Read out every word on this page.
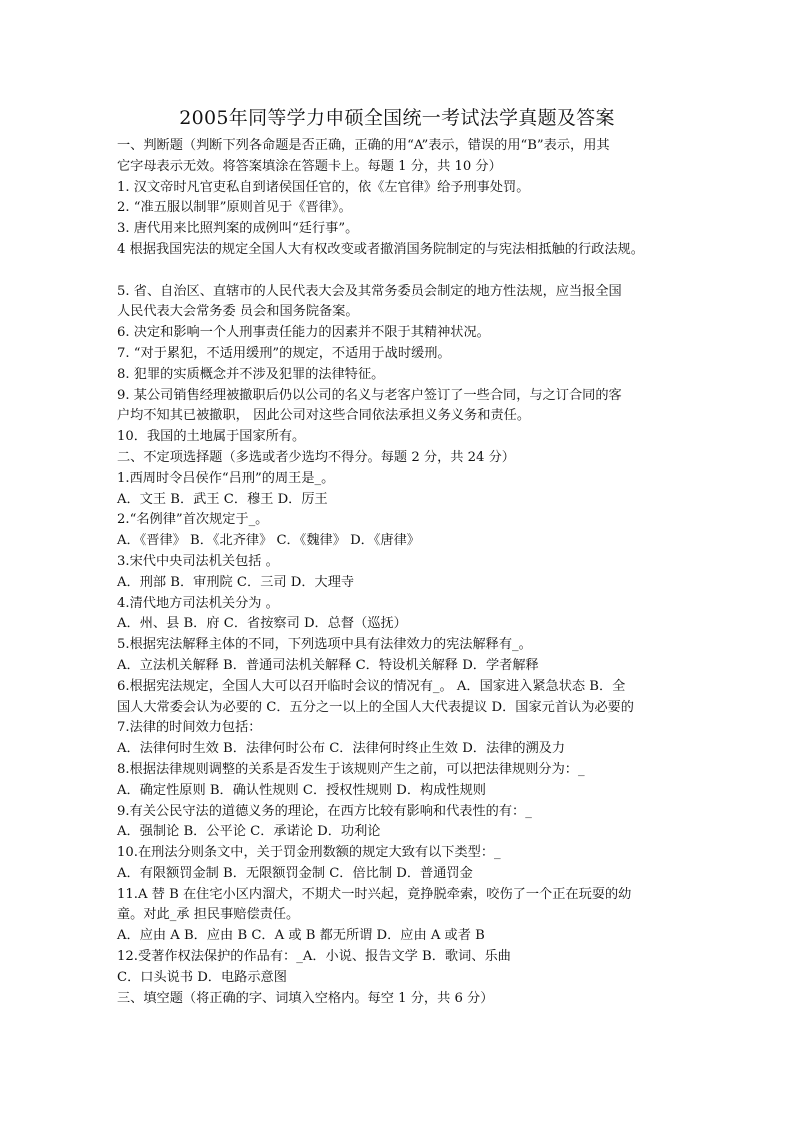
2005年同等学力申硕全国统一考试法学真题及答案
一、判断题（判断下列各命题是否正确，正确的用“A”表示，错误的用“B”表示，用其
它字母表示无效。将答案填涂在答题卡上。每题 1 分，共 10 分）
1. 汉文帝时凡官吏私自到诸侯国任官的，依《左官律》给予刑事处罚。
2. “准五服以制罪”原则首见于《晋律》。
3. 唐代用来比照判案的成例叫“廷行事”。
4 根据我国宪法的规定全国人大有权改变或者撤消国务院制定的与宪法相抵触的行政法规。
5. 省、自治区、直辖市的人民代表大会及其常务委员会制定的地方性法规，应当报全国
人民代表大会常务委 员会和国务院备案。
6. 决定和影响一个人刑事责任能力的因素并不限于其精神状况。
7. “对于累犯，不适用缓刑”的规定，不适用于战时缓刑。
8. 犯罪的实质概念并不涉及犯罪的法律特征。
9. 某公司销售经理被撤职后仍以公司的名义与老客户签订了一些合同，与之订合同的客
户均不知其已被撤职， 因此公司对这些合同依法承担义务义务和责任。
10．我国的土地属于国家所有。
二、不定项选择题（多选或者少选均不得分。每题 2 分，共 24 分）
1.西周时令吕侯作“吕刑”的周王是_。
A．文王 B．武王 C．穆王 D．厉王
2.“名例律”首次规定于_。
A．《晋律》 B．《北齐律》 C．《魏律》 D．《唐律》
3.宋代中央司法机关包括 。
A．刑部 B．审刑院 C．三司 D．大理寺
4.清代地方司法机关分为 。
A．州、县 B．府 C．省按察司 D．总督（巡抚）
5.根据宪法解释主体的不同，下列选项中具有法律效力的宪法解释有_。
A．立法机关解释 B．普通司法机关解释 C．特设机关解释 D．学者解释
6.根据宪法规定，全国人大可以召开临时会议的情况有_。 A．国家进入紧急状态 B．全
国人大常委会认为必要的 C．五分之一以上的全国人大代表提议 D．国家元首认为必要的
7.法律的时间效力包括：
A．法律何时生效 B．法律何时公布 C．法律何时终止生效 D．法律的溯及力
8.根据法律规则调整的关系是否发生于该规则产生之前，可以把法律规则分为：_
A．确定性原则 B．确认性规则 C．授权性规则 D．构成性规则
9.有关公民守法的道德义务的理论，在西方比较有影响和代表性的有：_
A．强制论 B．公平论 C．承诺论 D．功利论
10.在刑法分则条文中，关于罚金刑数额的规定大致有以下类型：_
A．有限额罚金制 B．无限额罚金制 C．倍比制 D．普通罚金
11.A 替 B 在住宅小区内溜犬，不期犬一时兴起，竟挣脱牵索，咬伤了一个正在玩耍的幼
童。对此_承 担民事赔偿责任。
A．应由 A B．应由 B C．A 或 B 都无所谓 D．应由 A 或者 B
12.受著作权法保护的作品有：_A．小说、报告文学 B．歌词、乐曲
C．口头说书 D．电路示意图
三、填空题（将正确的字、词填入空格内。每空 1 分，共 6 分）
